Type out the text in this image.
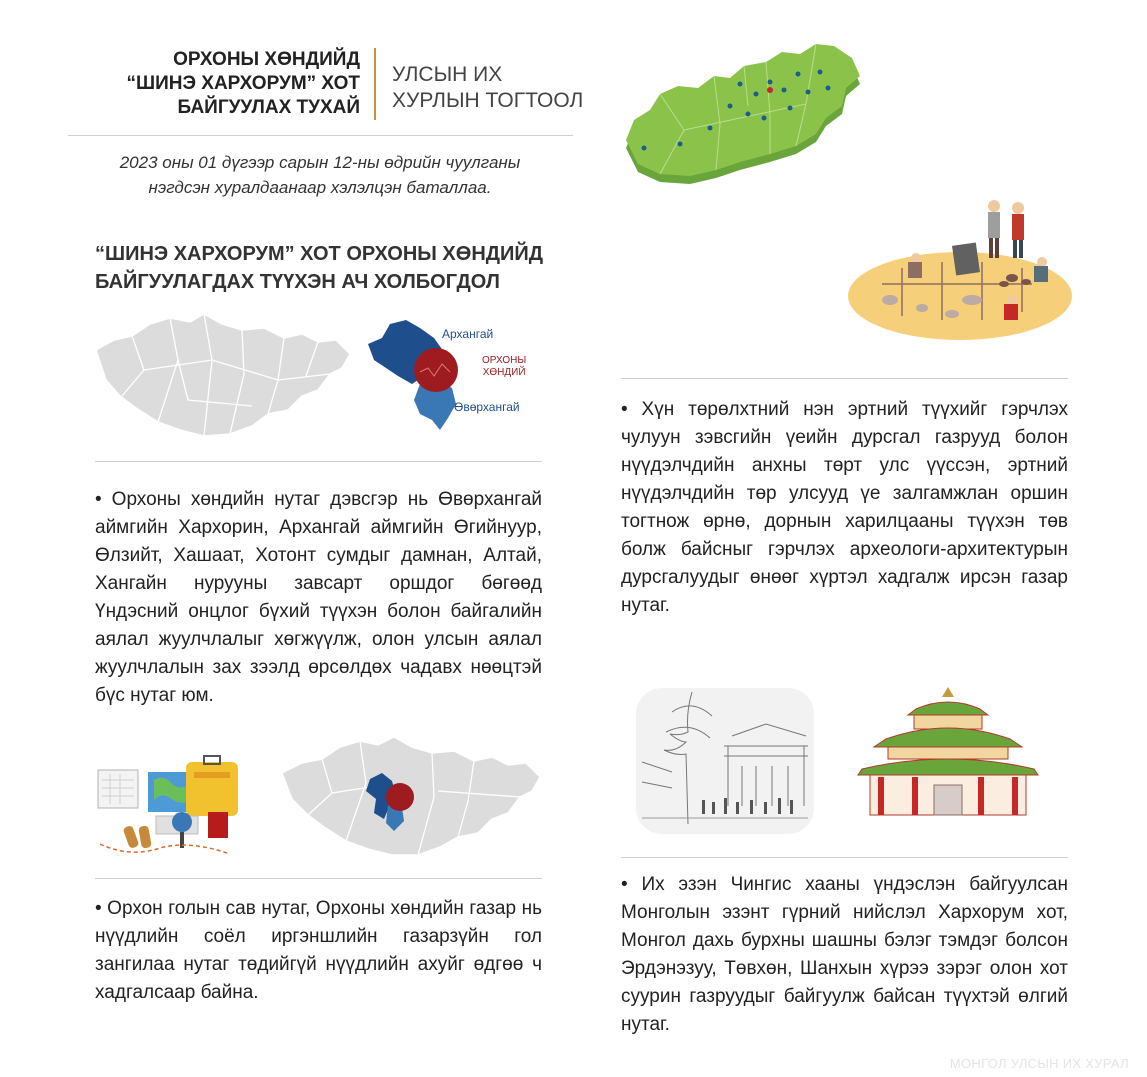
ОРХОНЫ ХӨНДИЙД
“ШИНЭ ХАРХОРУМ” ХОТ
БАЙГУУЛАХ ТУХАЙ
УЛСЫН ИХ
ХУРЛЫН ТОГТООЛ
2023 оны 01 дүгээр сарын 12-ны өдрийн чуулганы
нэгдсэн хуралдаанаар хэлэлцэн баталлаа.
“ШИНЭ ХАРХОРУМ” ХОТ ОРХОНЫ ХӨНДИЙД
БАЙГУУЛАГДАХ ТҮҮХЭН АЧ ХОЛБОГДОЛ
Архангай
ОРХОНЫ
ХӨНДИЙ
Өвөрхангай
• Орхоны хөндийн нутаг дэвсгэр нь Өвөрхангай аймгийн Хархорин, Архангай аймгийн Өгийнуур, Өлзийт, Хашаат, Хотонт сумдыг дамнан, Алтай, Хангайн нурууны завсарт оршдог бөгөөд Үндэсний онцлог бүхий түүхэн болон байгалийн аялал жуулчлалыг хөгжүүлж, олон улсын аялал жуулчлалын зах зээлд өрсөлдөх чадавх нөөцтэй бүс нутаг юм.
• Орхон голын сав нутаг, Орхоны хөндийн газар нь нүүдлийн соёл иргэншлийн газарзүйн гол зангилаа нутаг төдийгүй нүүдлийн ахуйг өдгөө ч хадгалсаар байна.
• Хүн төрөлхтний нэн эртний түүхийг гэрчлэх чулуун зэвсгийн үеийн дурсгал газрууд болон нүүдэлчдийн анхны төрт улс үүссэн, эртний нүүдэлчдийн төр улсууд үе залгамжлан оршин тогтнож өрнө, дорнын харилцааны түүхэн төв болж байсныг гэрчлэх археологи-архитектурын дурсгалуудыг өнөөг хүртэл хадгалж ирсэн газар нутаг.
• Их эзэн Чингис хааны үндэслэн байгуулсан Монголын эзэнт гүрний нийслэл Хархорум хот, Монгол дахь бурхны шашны бэлэг тэмдэг болсон Эрдэнэзуу, Төвхөн, Шанхын хүрээ зэрэг олон хот суурин газруудыг байгуулж байсан түүхтэй өлгий нутаг.
МОНГОЛ УЛСЫН ИХ ХУРАЛ
